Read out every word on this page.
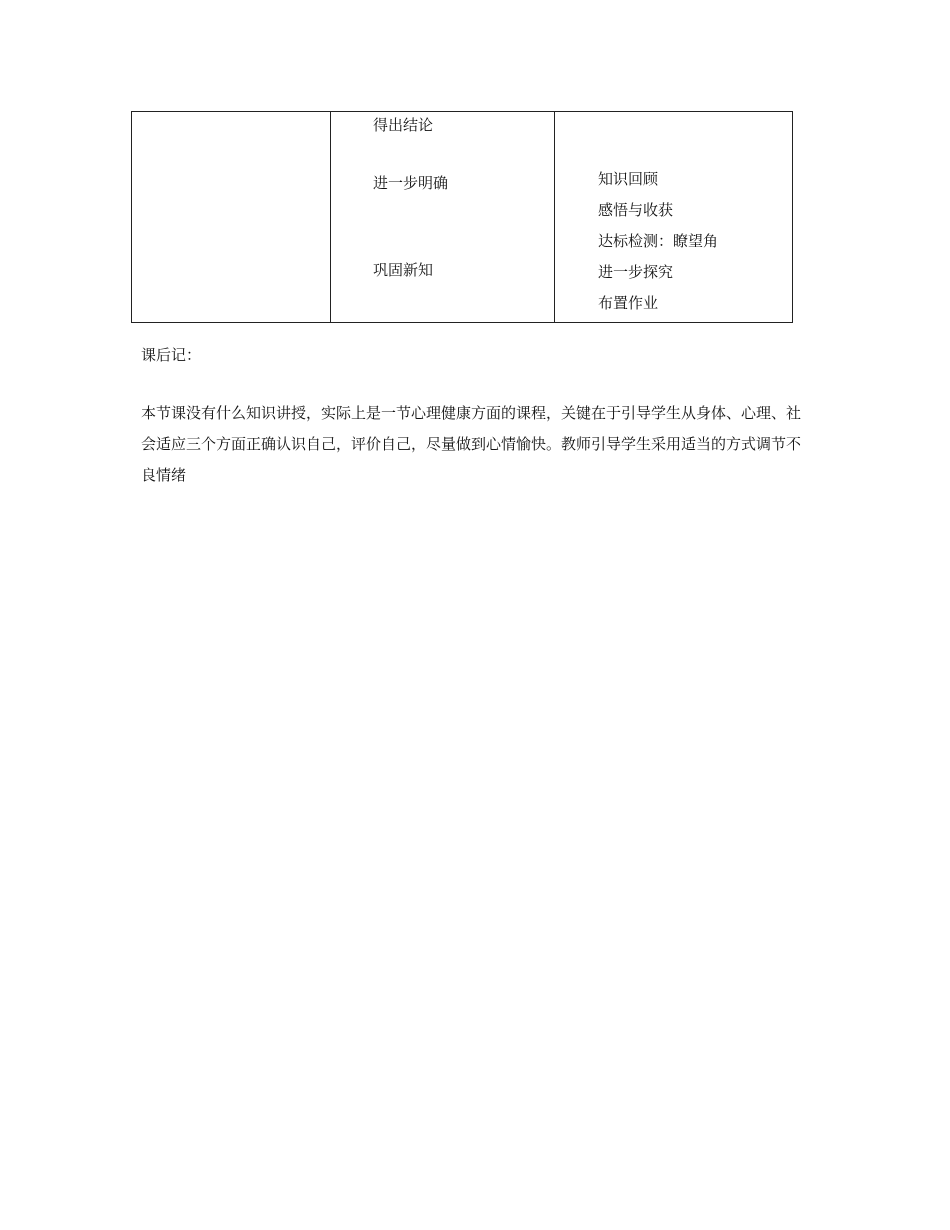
得出结论
进一步明确
巩固新知
知识回顾
感悟与收获
达标检测：瞭望角
进一步探究
布置作业
课后记：
本节课没有什么知识讲授，实际上是一节心理健康方面的课程，关键在于引导学生从身体、心理、社会适应三个方面正确认识自己，评价自己，尽量做到心情愉快。教师引导学生采用适当的方式调节不良情绪
